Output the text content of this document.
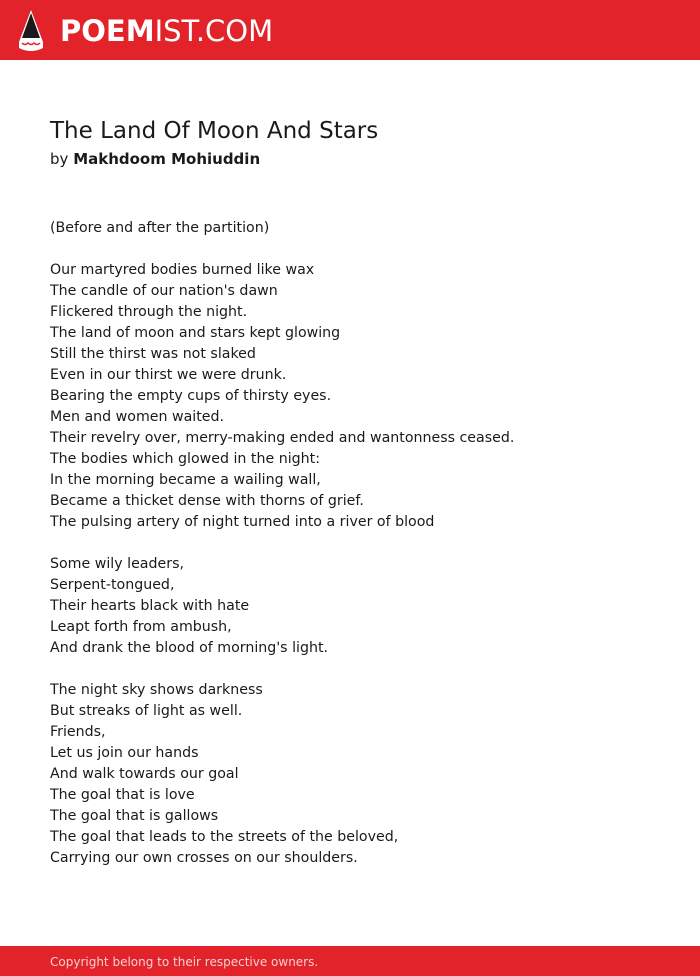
POEMIST.COM
The Land Of Moon And Stars
by Makhdoom Mohiuddin
(Before and after the partition)
Our martyred bodies burned like wax
The candle of our nation's dawn
Flickered through the night.
The land of moon and stars kept glowing
Still the thirst was not slaked
Even in our thirst we were drunk.
Bearing the empty cups of thirsty eyes.
Men and women waited.
Their revelry over, merry-making ended and wantonness ceased.
The bodies which glowed in the night:
In the morning became a wailing wall,
Became a thicket dense with thorns of grief.
The pulsing artery of night turned into a river of blood
Some wily leaders,
Serpent-tongued,
Their hearts black with hate
Leapt forth from ambush,
And drank the blood of morning's light.
The night sky shows darkness
But streaks of light as well.
Friends,
Let us join our hands
And walk towards our goal
The goal that is love
The goal that is gallows
The goal that leads to the streets of the beloved,
Carrying our own crosses on our shoulders.
Copyright belong to their respective owners.
